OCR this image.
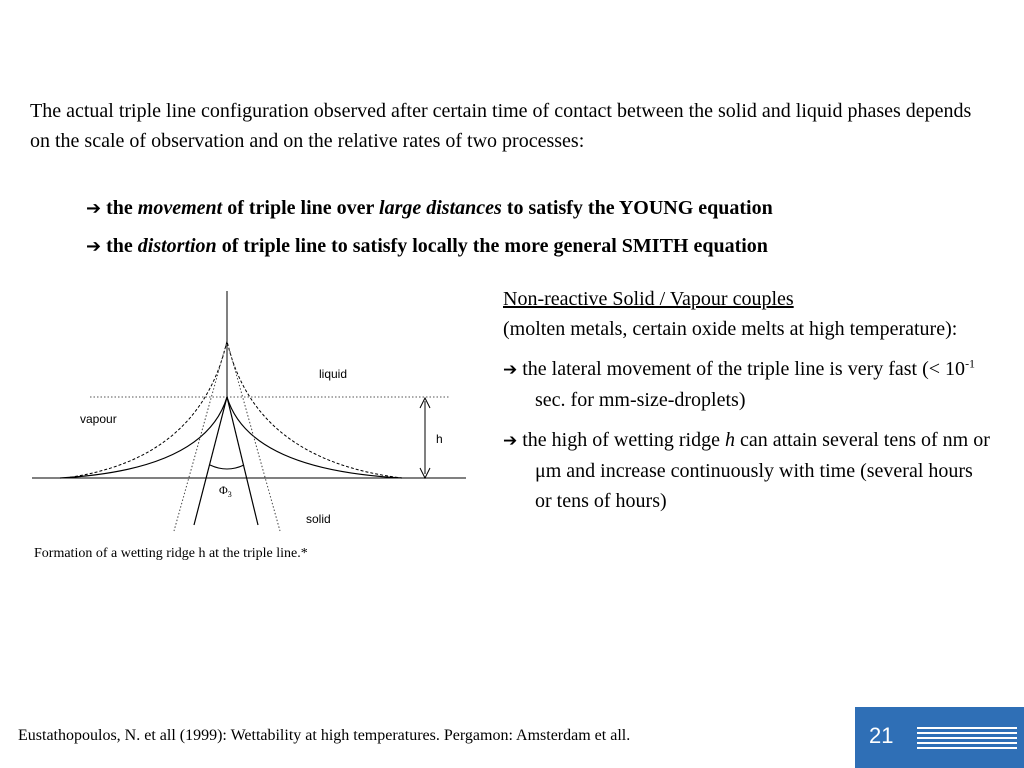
The actual triple line configuration observed after certain time of contact between the solid and liquid phases depends on the scale of observation and on the relative rates of two processes:

➔ the movement of triple line over large distances to satisfy the YOUNG equation

➔ the distortion of triple line to satisfy locally the more general SMITH equation

liquid
vapour
h
solid
$\Phi_3$
Formation of a wetting ridge h at the triple line.*
Non-reactive Solid / Vapour couples
(molten metals, certain oxide melts at high temperature):
➔ the lateral movement of the triple line is very fast (< $10^{-1}$ sec. for mm-size-droplets)
➔ the high of wetting ridge h can attain several tens of nm or μm and increase continuously with time (several hours or tens of hours)
Eustathopoulos, N. et all (1999): Wettability at high temperatures. Pergamon: Amsterdam et all.	21
